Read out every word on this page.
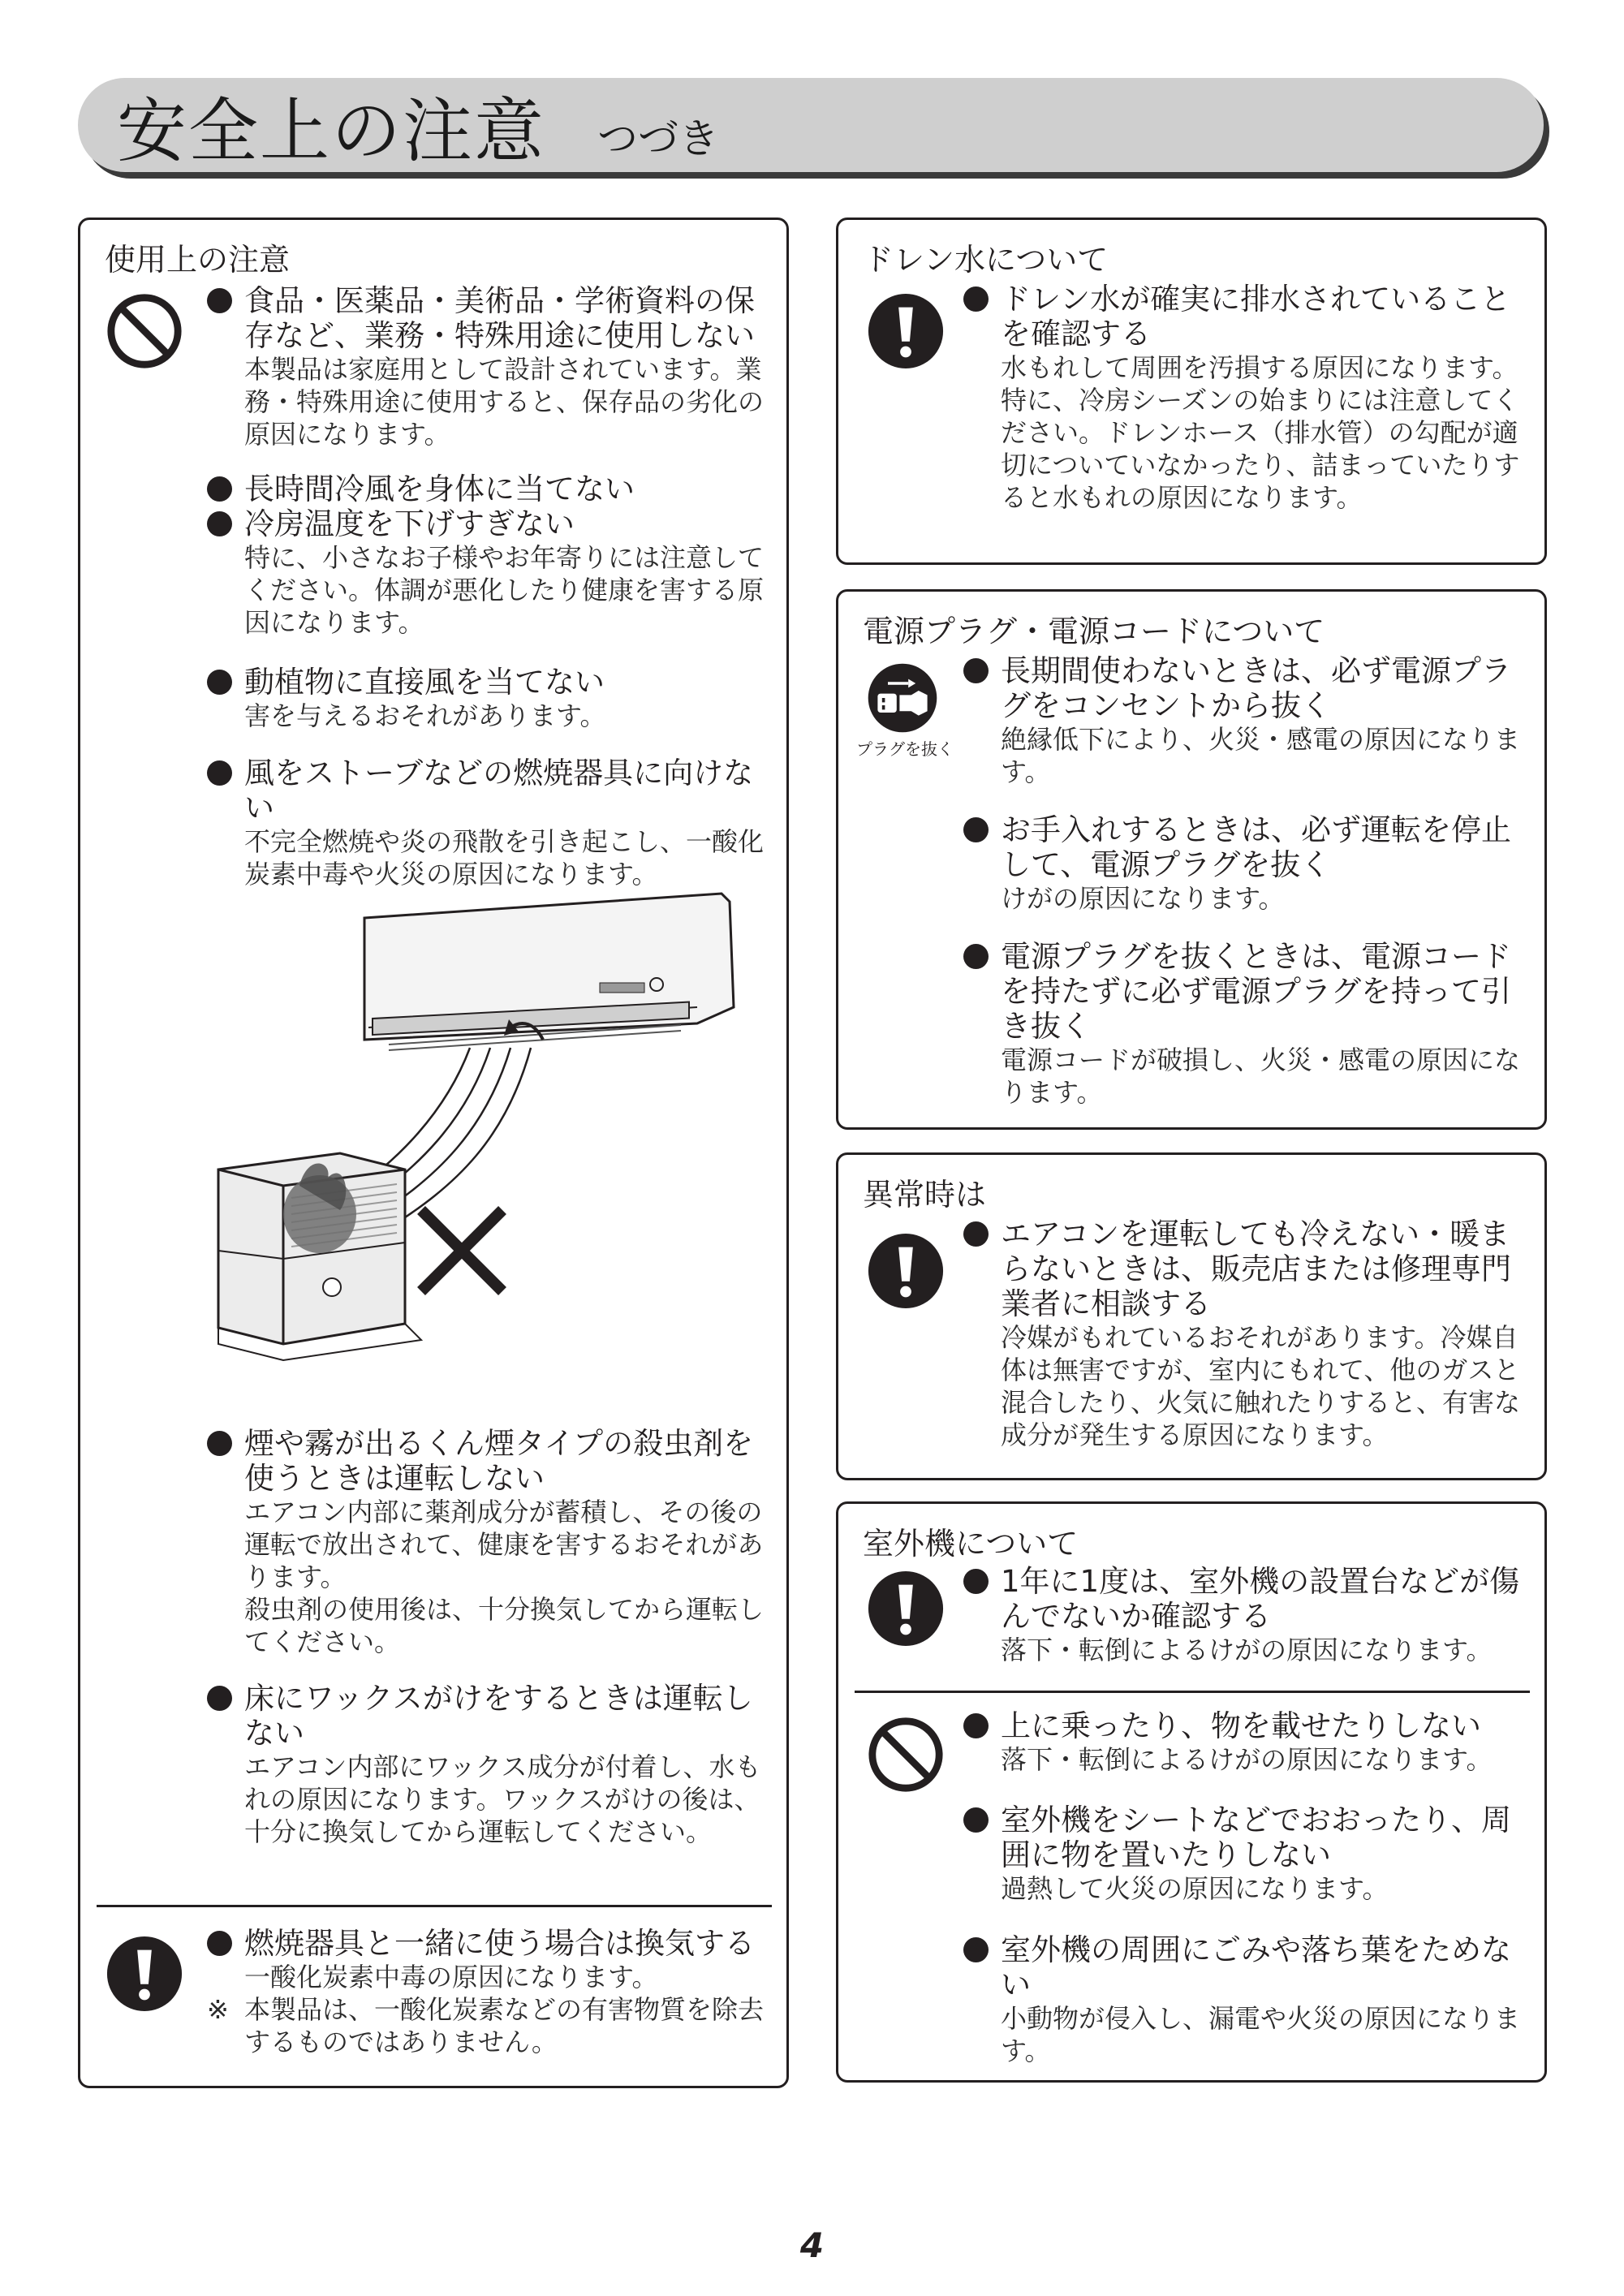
安全上の注意 つづき
使用上の注意
食品・医薬品・美術品・学術資料の保存など、業務・特殊用途に使用しない
本製品は家庭用として設計されています。業務・特殊用途に使用すると、保存品の劣化の原因になります。
長時間冷風を身体に当てない
冷房温度を下げすぎない
特に、小さなお子様やお年寄りには注意してください。体調が悪化したり健康を害する原因になります。
動植物に直接風を当てない
害を与えるおそれがあります。
風をストーブなどの燃焼器具に向けない
不完全燃焼や炎の飛散を引き起こし、一酸化炭素中毒や火災の原因になります。
煙や霧が出るくん煙タイプの殺虫剤を使うときは運転しない
エアコン内部に薬剤成分が蓄積し、その後の運転で放出されて、健康を害するおそれがあります。
殺虫剤の使用後は、十分換気してから運転してください。
床にワックスがけをするときは運転しない
エアコン内部にワックス成分が付着し、水もれの原因になります。ワックスがけの後は、十分に換気してから運転してください。
燃焼器具と一緒に使う場合は換気する
一酸化炭素中毒の原因になります。
※ 本製品は、一酸化炭素などの有害物質を除去するものではありません。
ドレン水について
ドレン水が確実に排水されていることを確認する
水もれして周囲を汚損する原因になります。
特に、冷房シーズンの始まりには注意してください。ドレンホース（排水管）の勾配が適切についていなかったり、詰まっていたりすると水もれの原因になります。
電源プラグ・電源コードについて
プラグを抜く
長期間使わないときは、必ず電源プラグをコンセントから抜く
絶縁低下により、火災・感電の原因になります。
お手入れするときは、必ず運転を停止して、電源プラグを抜く
けがの原因になります。
電源プラグを抜くときは、電源コードを持たずに必ず電源プラグを持って引き抜く
電源コードが破損し、火災・感電の原因になります。
異常時は
エアコンを運転しても冷えない・暖まらないときは、販売店または修理専門業者に相談する
冷媒がもれているおそれがあります。冷媒自体は無害ですが、室内にもれて、他のガスと混合したり、火気に触れたりすると、有害な成分が発生する原因になります。
室外機について
1年に1度は、室外機の設置台などが傷んでないか確認する
落下・転倒によるけがの原因になります。
上に乗ったり、物を載せたりしない
落下・転倒によるけがの原因になります。
室外機をシートなどでおおったり、周囲に物を置いたりしない
過熱して火災の原因になります。
室外機の周囲にごみや落ち葉をためない
小動物が侵入し、漏電や火災の原因になります。
4
